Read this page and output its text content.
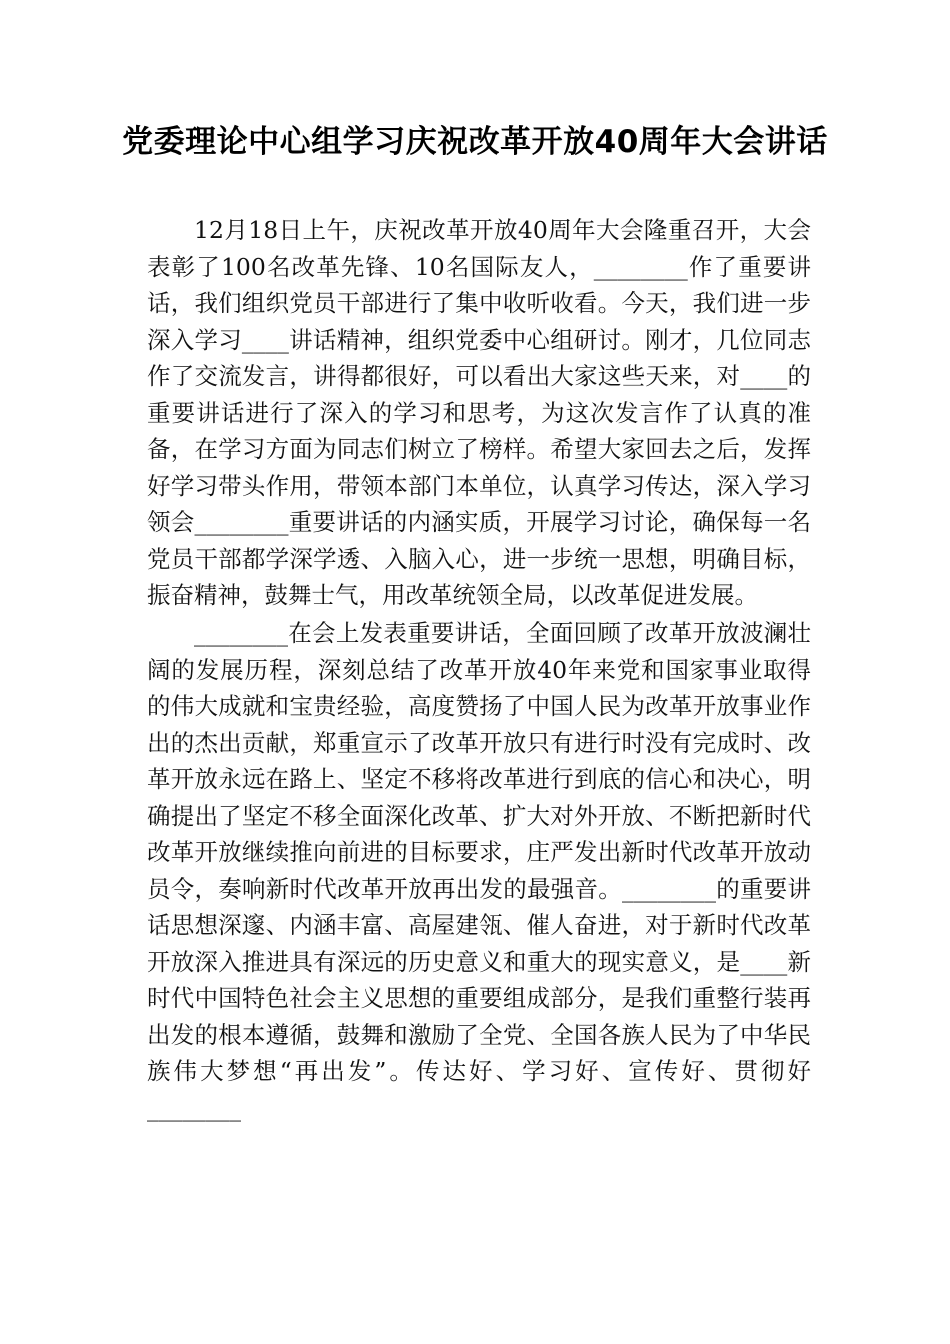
党委理论中心组学习庆祝改革开放40周年大会讲话

12月18日上午，庆祝改革开放40周年大会隆重召开，大会表彰了100名改革先锋、10名国际友人，________作了重要讲话，我们组织党员干部进行了集中收听收看。今天，我们进一步深入学习____讲话精神，组织党委中心组研讨。刚才，几位同志作了交流发言，讲得都很好，可以看出大家这些天来，对____的重要讲话进行了深入的学习和思考，为这次发言作了认真的准备，在学习方面为同志们树立了榜样。希望大家回去之后，发挥好学习带头作用，带领本部门本单位，认真学习传达，深入学习领会________重要讲话的内涵实质，开展学习讨论，确保每一名党员干部都学深学透、入脑入心，进一步统一思想，明确目标，振奋精神，鼓舞士气，用改革统领全局，以改革促进发展。

________在会上发表重要讲话，全面回顾了改革开放波澜壮阔的发展历程，深刻总结了改革开放40年来党和国家事业取得的伟大成就和宝贵经验，高度赞扬了中国人民为改革开放事业作出的杰出贡献，郑重宣示了改革开放只有进行时没有完成时、改革开放永远在路上、坚定不移将改革进行到底的信心和决心，明确提出了坚定不移全面深化改革、扩大对外开放、不断把新时代改革开放继续推向前进的目标要求，庄严发出新时代改革开放动员令，奏响新时代改革开放再出发的最强音。________的重要讲话思想深邃、内涵丰富、高屋建瓴、催人奋进，对于新时代改革开放深入推进具有深远的历史意义和重大的现实意义，是____新时代中国特色社会主义思想的重要组成部分，是我们重整行装再出发的根本遵循，鼓舞和激励了全党、全国各族人民为了中华民族伟大梦想“再出发”。传达好、学习好、宣传好、贯彻好________
